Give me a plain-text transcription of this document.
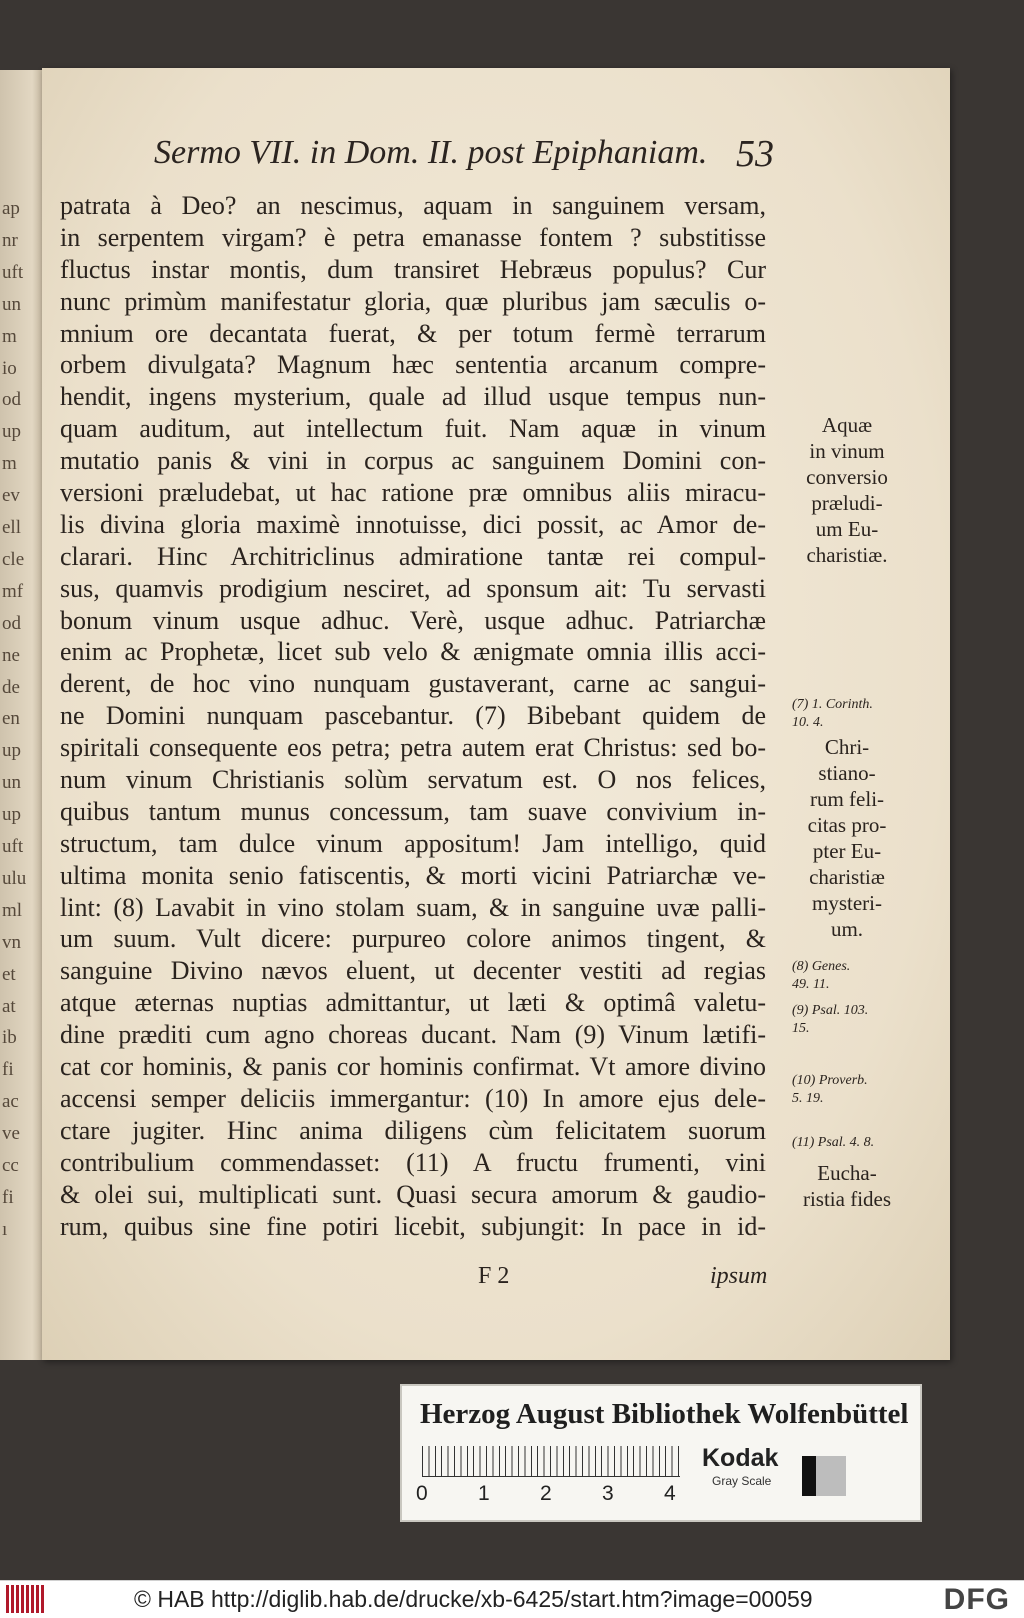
ap
nr
uft
un
m
io
od
up
m
ev
ell
cle
mf
od
ne
de
en
up
un
up
uft
ulu
ml
vn
et
at
ib
fi
ac
ve
cc
fi
ı
Sermo VII. in Dom. II. post Epiphaniam. 53
patrata à Deo? an nescimus, aquam in sanguinem versam,
in serpentem virgam? è petra emanasse fontem ? substitisse
fluctus instar montis, dum transiret Hebræus populus? Cur
nunc primùm manifestatur gloria, quæ pluribus jam sæculis o-
mnium ore decantata fuerat, & per totum fermè terrarum
orbem divulgata? Magnum hæc sententia arcanum compre-
hendit, ingens mysterium, quale ad illud usque tempus nun-
quam auditum, aut intellectum fuit. Nam aquæ in vinum
mutatio panis & vini in corpus ac sanguinem Domini con-
versioni præludebat, ut hac ratione præ omnibus aliis miracu-
lis divina gloria maximè innotuisse, dici possit, ac Amor de-
clarari. Hinc Architriclinus admiratione tantæ rei compul-
sus, quamvis prodigium nesciret, ad sponsum ait: Tu servasti
bonum vinum usque adhuc. Verè, usque adhuc. Patriarchæ
enim ac Prophetæ, licet sub velo & ænigmate omnia illis acci-
derent, de hoc vino nunquam gustaverant, carne ac sangui-
ne Domini nunquam pascebantur. (7) Bibebant quidem de
spiritali consequente eos petra; petra autem erat Christus: sed bo-
num vinum Christianis solùm servatum est. O nos felices,
quibus tantum munus concessum, tam suave convivium in-
structum, tam dulce vinum appositum! Jam intelligo, quid
ultima monita senio fatiscentis, & morti vicini Patriarchæ ve-
lint: (8) Lavabit in vino stolam suam, & in sanguine uvæ palli-
um suum. Vult dicere: purpureo colore animos tingent, &
sanguine Divino nævos eluent, ut decenter vestiti ad regias
atque æternas nuptias admittantur, ut læti & optimâ valetu-
dine præditi cum agno choreas ducant. Nam (9) Vinum lætifi-
cat cor hominis, & panis cor hominis confirmat. Vt amore divino
accensi semper deliciis immergantur: (10) In amore ejus dele-
ctare jugiter. Hinc anima diligens cùm felicitatem suorum
contribulium commendasset: (11) A fructu frumenti, vini
& olei sui, multiplicati sunt. Quasi secura amorum & gaudio-
rum, quibus sine fine potiri licebit, subjungit: In pace in id-
Aquæ
in vinum
conversio
præludi-
um Eu-
charistiæ.
(7) 1. Corinth.
10. 4.
Chri-
stiano-
rum feli-
citas pro-
pter Eu-
charistiæ
mysteri-
um.
(8) Genes.
49. 11.
(9) Psal. 103.
15.
(10) Proverb.
5. 19.
(11) Psal. 4. 8.
Eucha-
ristia fides
F 2	ipsum
Herzog August Bibliothek Wolfenbüttel
0 1 2 3 4
Kodak
Gray Scale
© HAB http://diglib.hab.de/drucke/xb-6425/start.htm?image=00059	DFG
